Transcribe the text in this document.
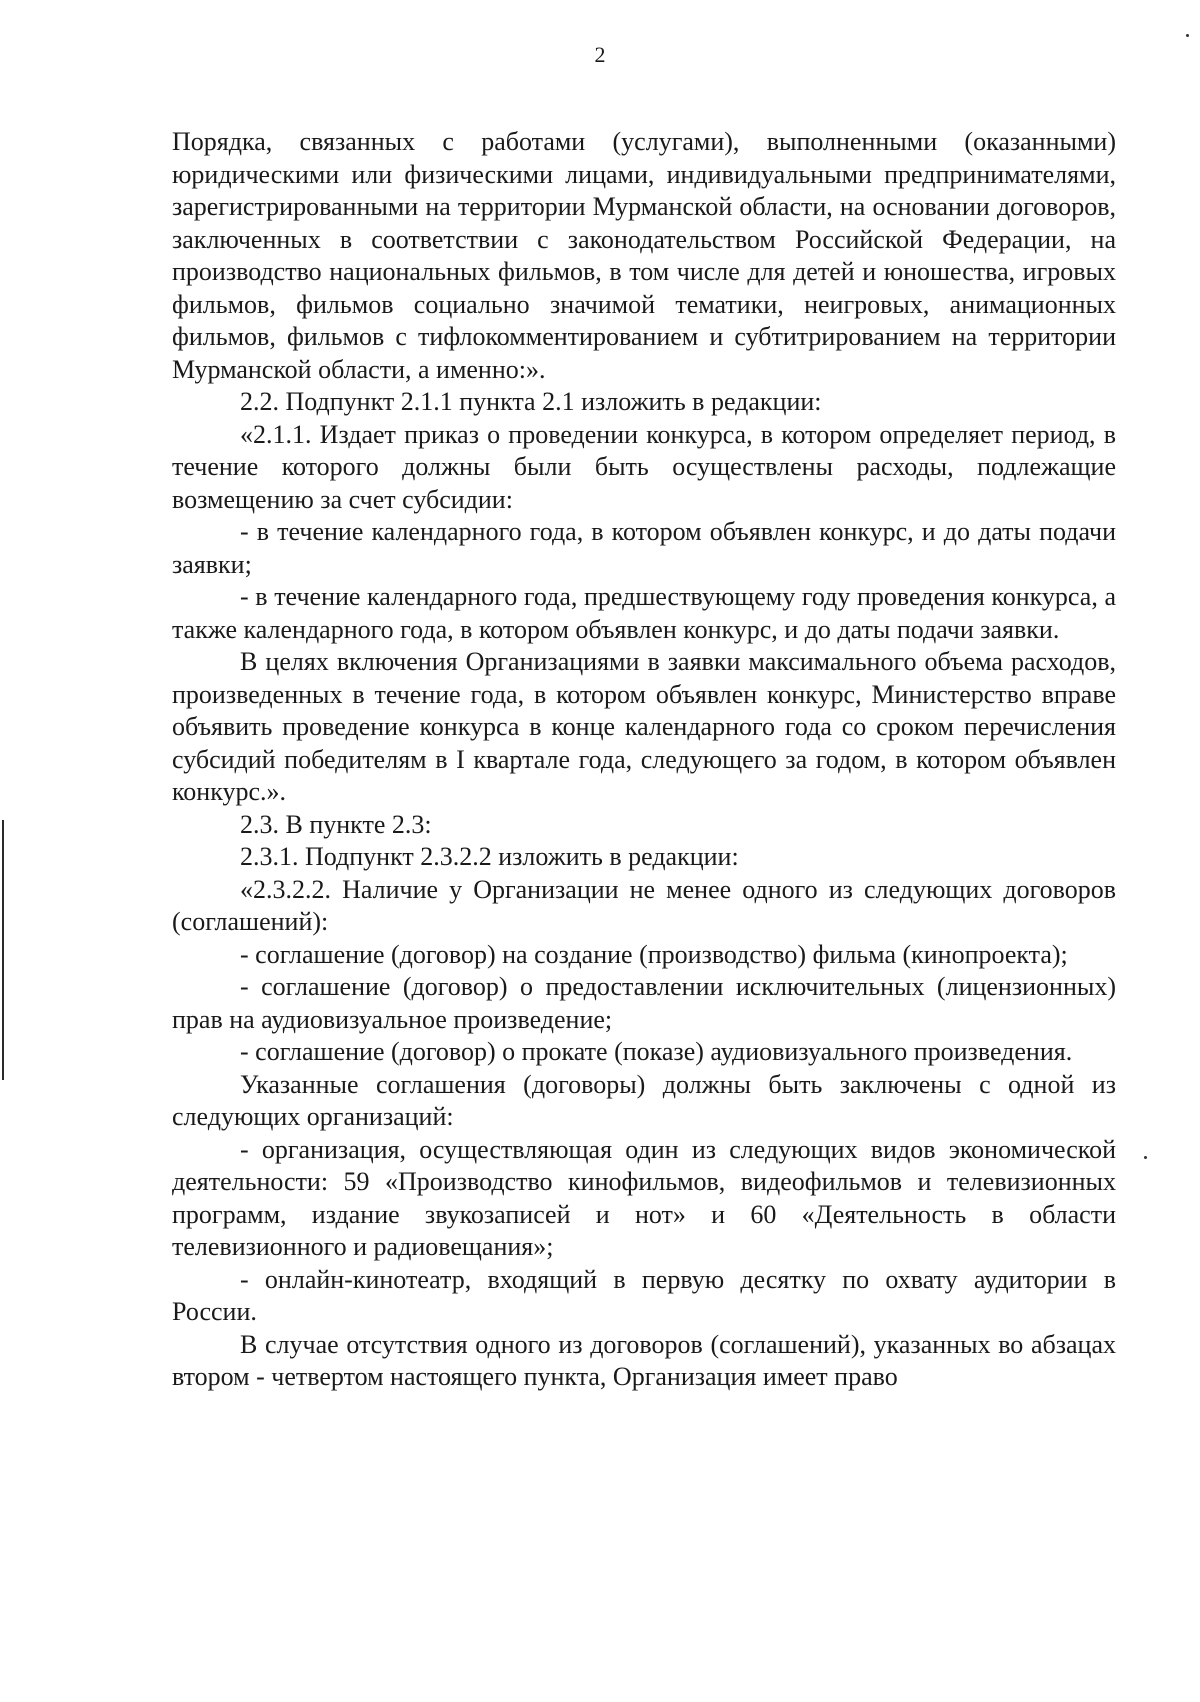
2

Порядка, связанных с работами (услугами), выполненными (оказанными) юридическими или физическими лицами, индивидуальными предпринимателями, зарегистрированными на территории Мурманской области, на основании договоров, заключенных в соответствии с законодательством Российской Федерации, на производство национальных фильмов, в том числе для детей и юношества, игровых фильмов, фильмов социально значимой тематики, неигровых, анимационных фильмов, фильмов с тифлокомментированием и субтитрированием на территории Мурманской области, а именно:».

2.2. Подпункт 2.1.1 пункта 2.1 изложить в редакции:

«2.1.1. Издает приказ о проведении конкурса, в котором определяет период, в течение которого должны были быть осуществлены расходы, подлежащие возмещению за счет субсидии:

- в течение календарного года, в котором объявлен конкурс, и до даты подачи заявки;

- в течение календарного года, предшествующему году проведения конкурса, а также календарного года, в котором объявлен конкурс, и до даты подачи заявки.

В целях включения Организациями в заявки максимального объема расходов, произведенных в течение года, в котором объявлен конкурс, Министерство вправе объявить проведение конкурса в конце календарного года со сроком перечисления субсидий победителям в I квартале года, следующего за годом, в котором объявлен конкурс.».

2.3. В пункте 2.3:

2.3.1. Подпункт 2.3.2.2 изложить в редакции:

«2.3.2.2. Наличие у Организации не менее одного из следующих договоров (соглашений):

- соглашение (договор) на создание (производство) фильма (кинопроекта);

- соглашение (договор) о предоставлении исключительных (лицензионных) прав на аудиовизуальное произведение;

- соглашение (договор) о прокате (показе) аудиовизуального произведения.

Указанные соглашения (договоры) должны быть заключены с одной из следующих организаций:

- организация, осуществляющая один из следующих видов экономической деятельности: 59 «Производство кинофильмов, видеофильмов и телевизионных программ, издание звукозаписей и нот» и 60 «Деятельность в области телевизионного и радиовещания»;

- онлайн-кинотеатр, входящий в первую десятку по охвату аудитории в России.

В случае отсутствия одного из договоров (соглашений), указанных во абзацах втором - четвертом настоящего пункта, Организация имеет право
